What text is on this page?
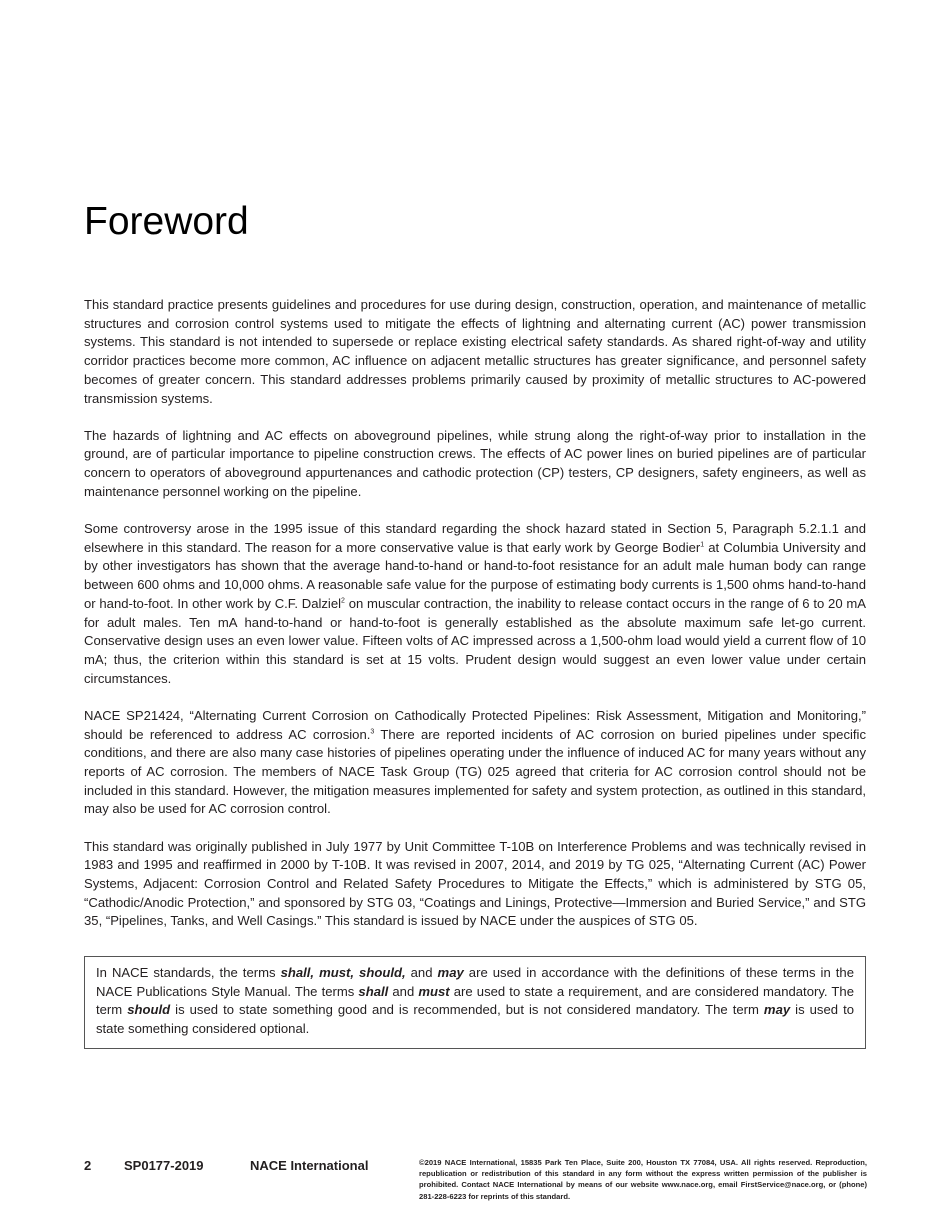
Foreword

This standard practice presents guidelines and procedures for use during design, construction, operation, and maintenance of metallic structures and corrosion control systems used to mitigate the effects of lightning and alternating current (AC) power transmission systems. This standard is not intended to supersede or replace existing electrical safety standards. As shared right-of-way and utility corridor practices become more common, AC influence on adjacent metallic structures has greater significance, and personnel safety becomes of greater concern. This standard addresses problems primarily caused by proximity of metallic structures to AC-powered transmission systems.

The hazards of lightning and AC effects on aboveground pipelines, while strung along the right-of-way prior to installation in the ground, are of particular importance to pipeline construction crews. The effects of AC power lines on buried pipelines are of particular concern to operators of aboveground appurtenances and cathodic protection (CP) testers, CP designers, safety engineers, as well as maintenance personnel working on the pipeline.

Some controversy arose in the 1995 issue of this standard regarding the shock hazard stated in Section 5, Paragraph 5.2.1.1 and elsewhere in this standard. The reason for a more conservative value is that early work by George Bodier$^1$ at Columbia University and by other investigators has shown that the average hand-to-hand or hand-to-foot resistance for an adult male human body can range between 600 ohms and 10,000 ohms. A reasonable safe value for the purpose of estimating body currents is 1,500 ohms hand-to-hand or hand-to-foot. In other work by C.F. Dalziel$^2$ on muscular contraction, the inability to release contact occurs in the range of 6 to 20 mA for adult males. Ten mA hand-to-hand or hand-to-foot is generally established as the absolute maximum safe let-go current. Conservative design uses an even lower value. Fifteen volts of AC impressed across a 1,500-ohm load would yield a current flow of 10 mA; thus, the criterion within this standard is set at 15 volts. Prudent design would suggest an even lower value under certain circumstances.

NACE SP21424, “Alternating Current Corrosion on Cathodically Protected Pipelines: Risk Assessment, Mitigation and Monitoring,” should be referenced to address AC corrosion.$^3$ There are reported incidents of AC corrosion on buried pipelines under specific conditions, and there are also many case histories of pipelines operating under the influence of induced AC for many years without any reports of AC corrosion. The members of NACE Task Group (TG) 025 agreed that criteria for AC corrosion control should not be included in this standard. However, the mitigation measures implemented for safety and system protection, as outlined in this standard, may also be used for AC corrosion control.

This standard was originally published in July 1977 by Unit Committee T-10B on Interference Problems and was technically revised in 1983 and 1995 and reaffirmed in 2000 by T-10B. It was revised in 2007, 2014, and 2019 by TG 025, “Alternating Current (AC) Power Systems, Adjacent: Corrosion Control and Related Safety Procedures to Mitigate the Effects,” which is administered by STG 05, “Cathodic/Anodic Protection,” and sponsored by STG 03, “Coatings and Linings, Protective—Immersion and Buried Service,” and STG 35, “Pipelines, Tanks, and Well Casings.” This standard is issued by NACE under the auspices of STG 05.

In NACE standards, the terms shall, must, should, and may are used in accordance with the definitions of these terms in the NACE Publications Style Manual. The terms shall and must are used to state a requirement, and are considered mandatory. The term should is used to state something good and is recommended, but is not considered mandatory. The term may is used to state something considered optional.
2	SP0177-2019	NACE International	©2019 NACE International, 15835 Park Ten Place, Suite 200, Houston TX 77084, USA. All rights reserved. Reproduction, republication or redistribution of this standard in any form without the express written permission of the publisher is prohibited. Contact NACE International by means of our website www.nace.org, email FirstService@nace.org, or (phone) 281-228-6223 for reprints of this standard.
